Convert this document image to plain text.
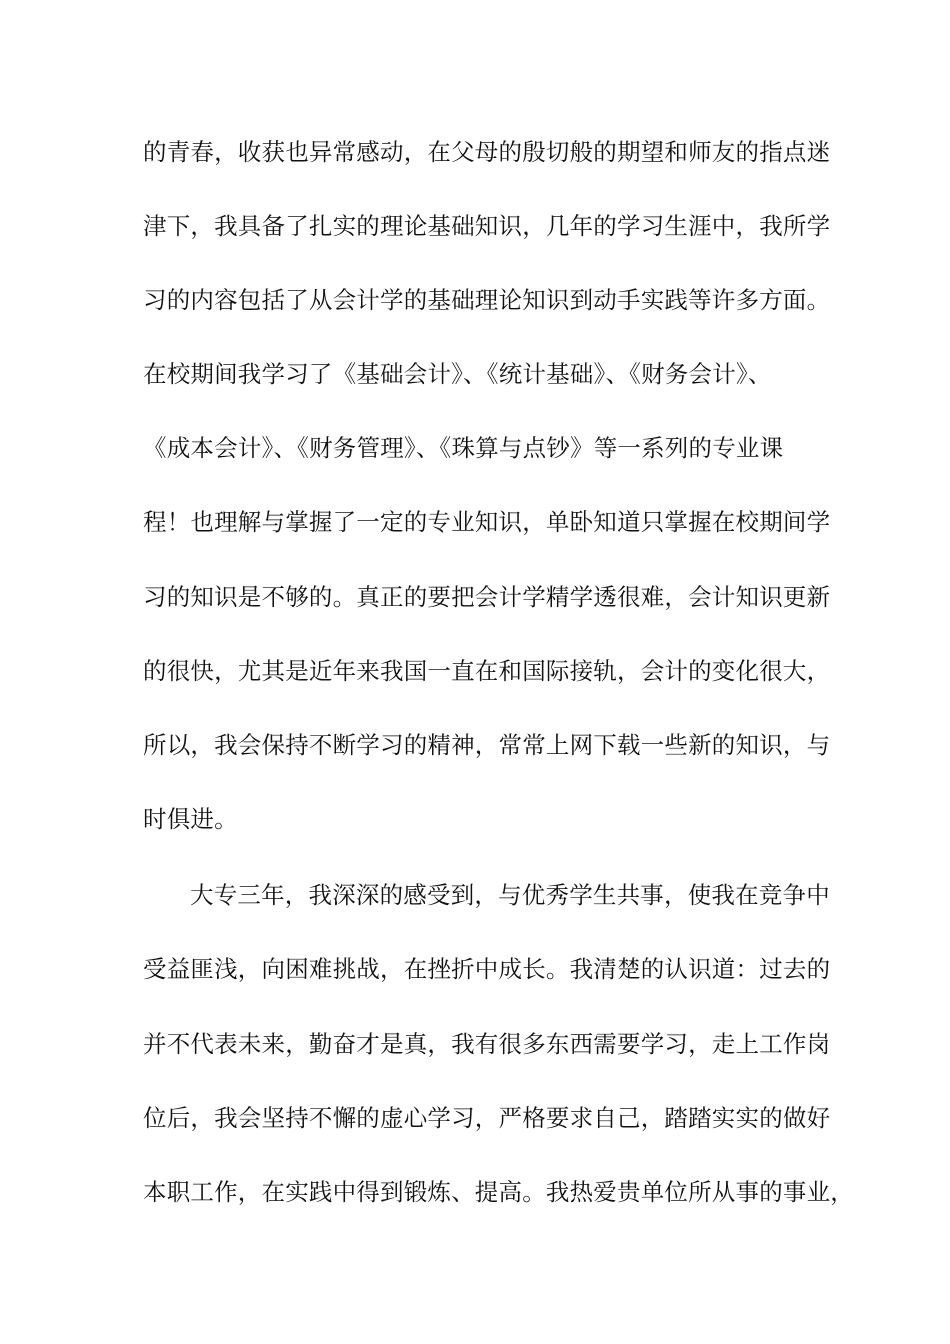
的青春，收获也异常感动，在父母的殷切般的期望和师友的指点迷
津下，我具备了扎实的理论基础知识，几年的学习生涯中，我所学
习的内容包括了从会计学的基础理论知识到动手实践等许多方面。
在校期间我学习了《基础会计》、《统计基础》、《财务会计》、
《成本会计》、《财务管理》、《珠算与点钞》等一系列的专业课
程！也理解与掌握了一定的专业知识，单卧知道只掌握在校期间学
习的知识是不够的。真正的要把会计学精学透很难，会计知识更新
的很快，尤其是近年来我国一直在和国际接轨，会计的变化很大，
所以，我会保持不断学习的精神，常常上网下载一些新的知识，与
时俱进。
大专三年，我深深的感受到，与优秀学生共事，使我在竞争中
受益匪浅，向困难挑战，在挫折中成长。我清楚的认识道：过去的
并不代表未来，勤奋才是真，我有很多东西需要学习，走上工作岗
位后，我会坚持不懈的虚心学习，严格要求自己，踏踏实实的做好
本职工作，在实践中得到锻炼、提高。我热爱贵单位所从事的事业，
